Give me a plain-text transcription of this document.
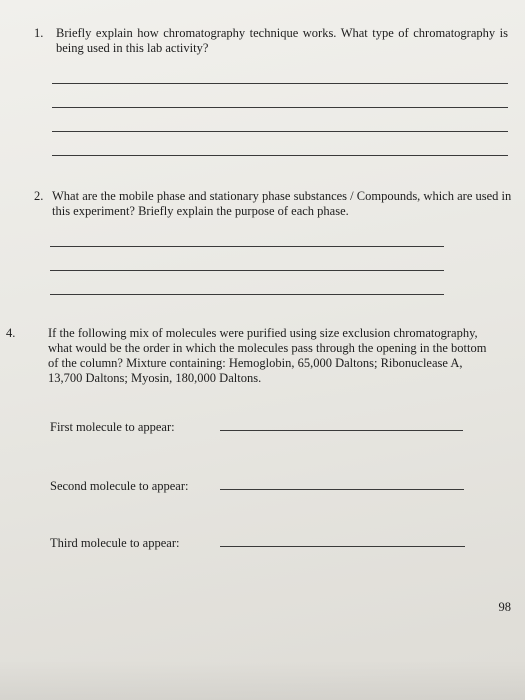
1. Briefly explain how chromatography technique works. What type of chromatography is being used in this lab activity?
2. What are the mobile phase and stationary phase substances / Compounds, which are used in this experiment? Briefly explain the purpose of each phase.
4.	If the following mix of molecules were purified using size exclusion chromatography, what would be the order in which the molecules pass through the opening in the bottom of the column? Mixture containing: Hemoglobin, 65,000 Daltons; Ribonuclease A, 13,700 Daltons; Myosin, 180,000 Daltons.
First molecule to appear:
Second molecule to appear:
Third molecule to appear:
98
